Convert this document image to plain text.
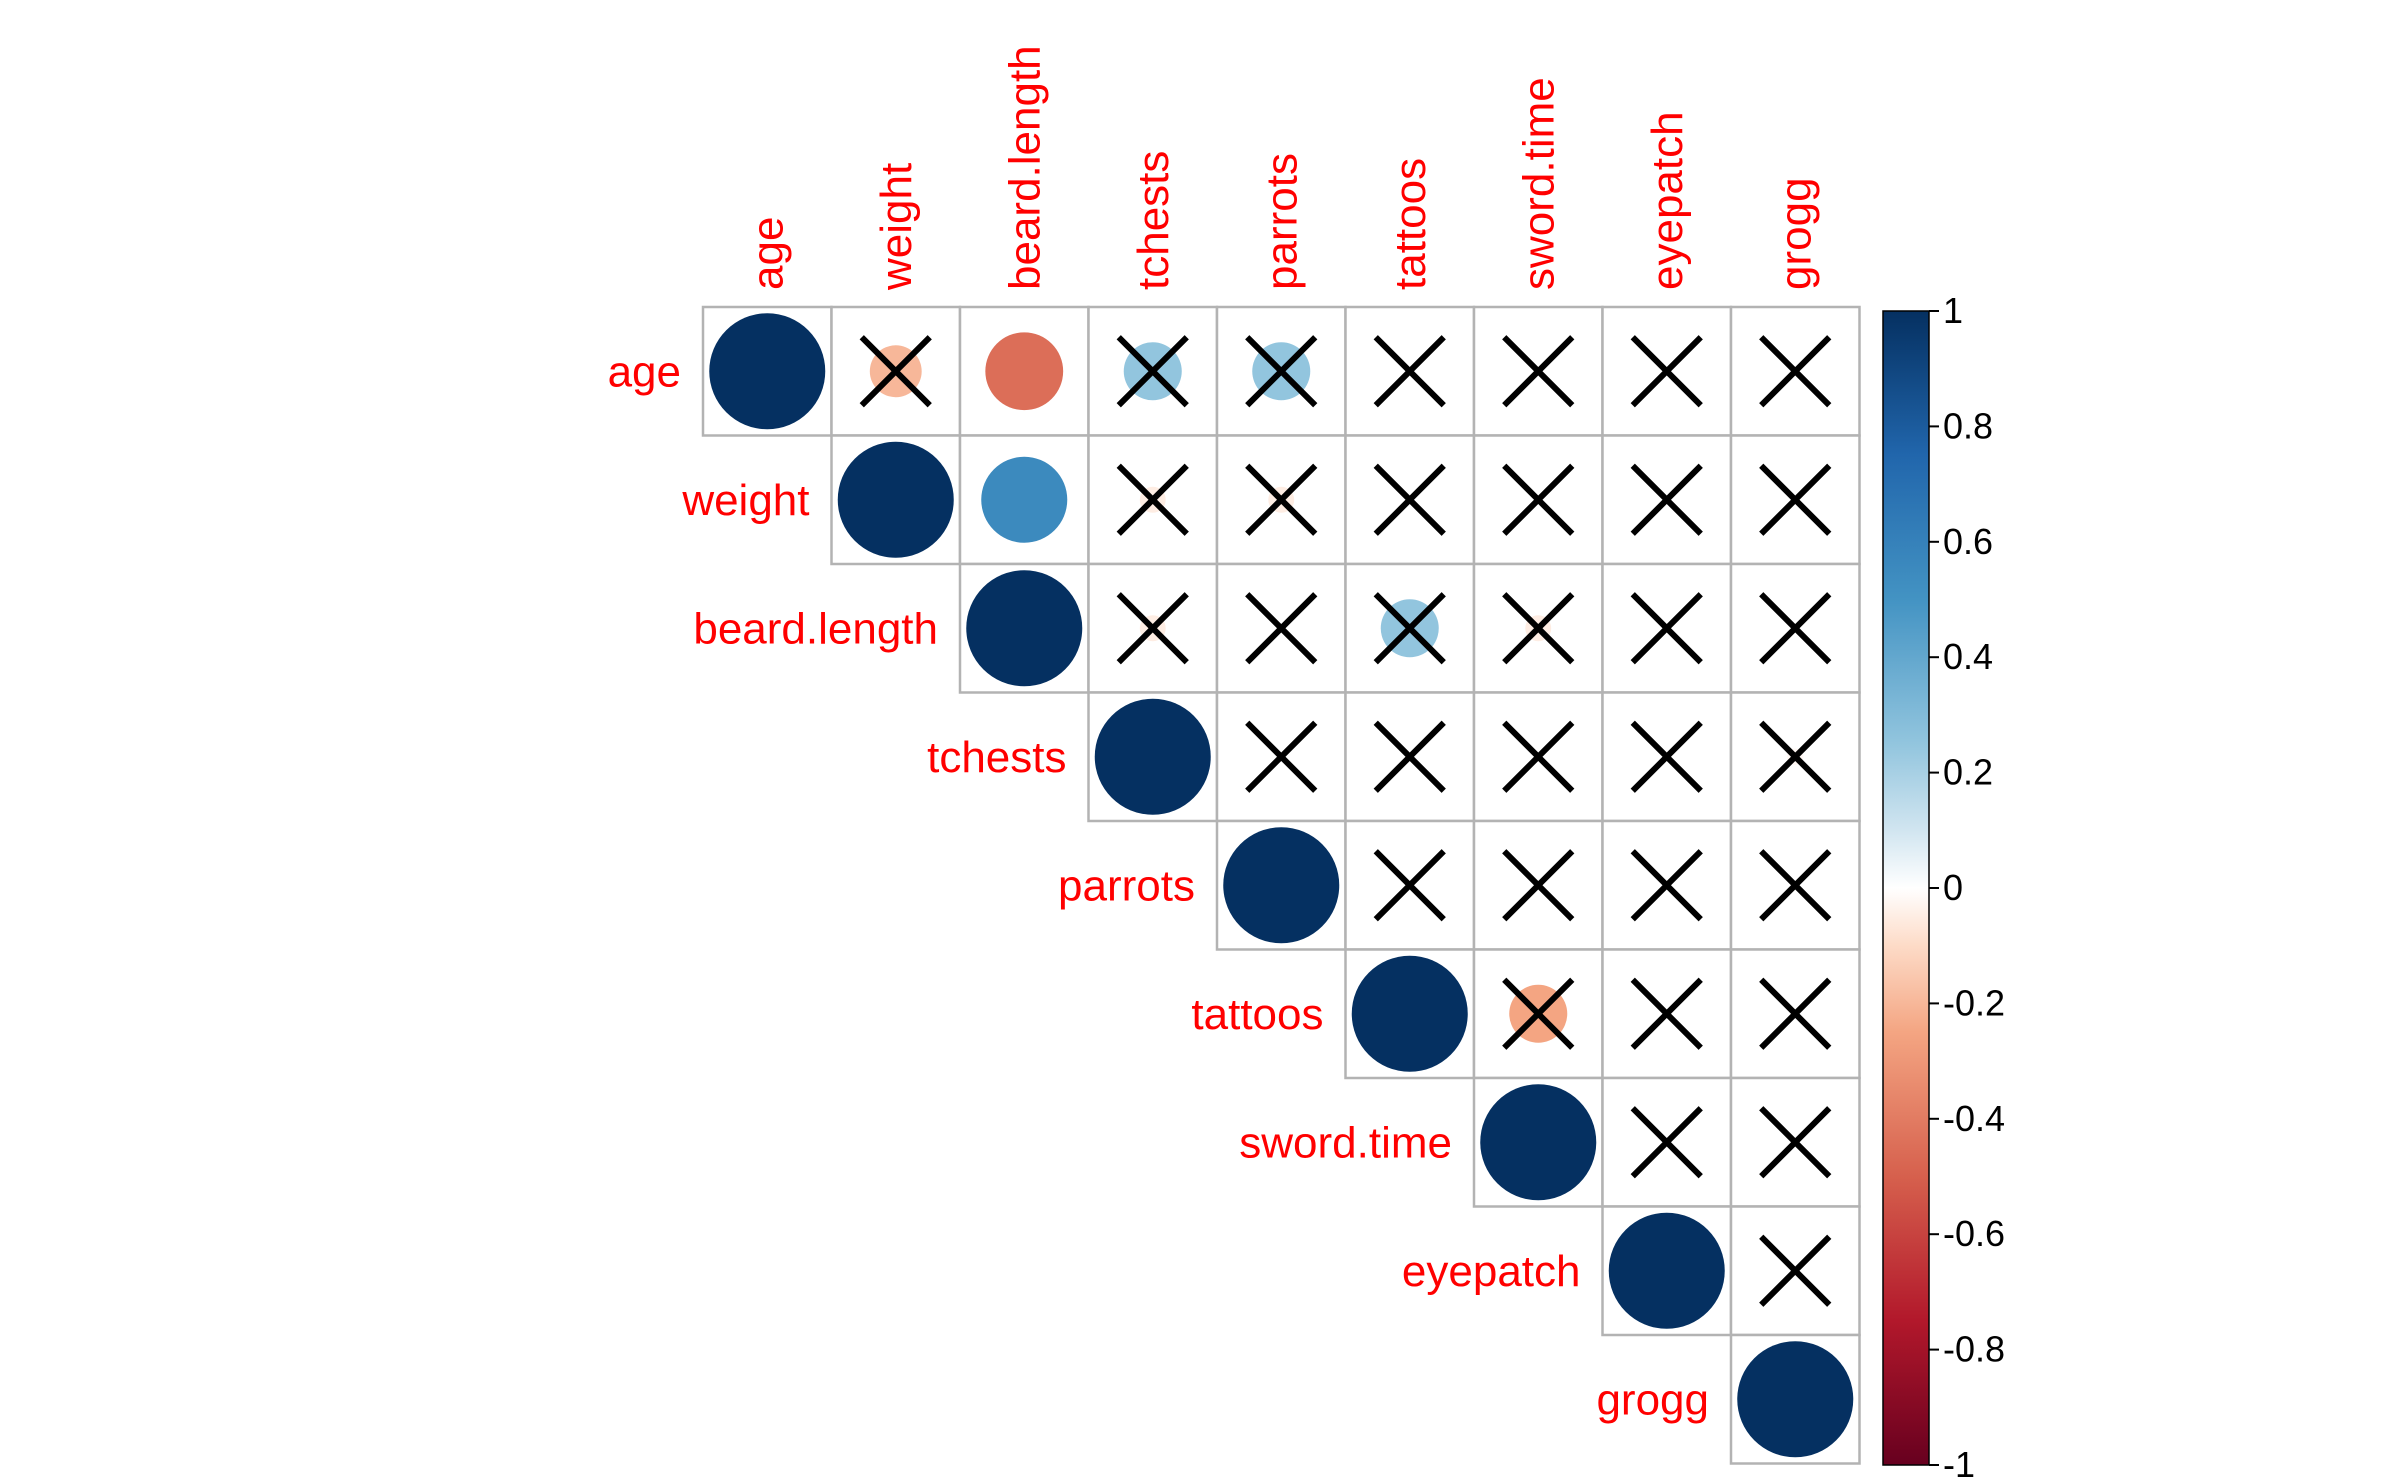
age
weight
beard.length
tchests
parrots
tattoos
sword.time
eyepatch
grogg
age weight beard.length tchests parrots tattoos sword.time eyepatch grogg
1
0.8
0.6
0.4
0.2
0
-0.2
-0.4
-0.6
-0.8
-1
